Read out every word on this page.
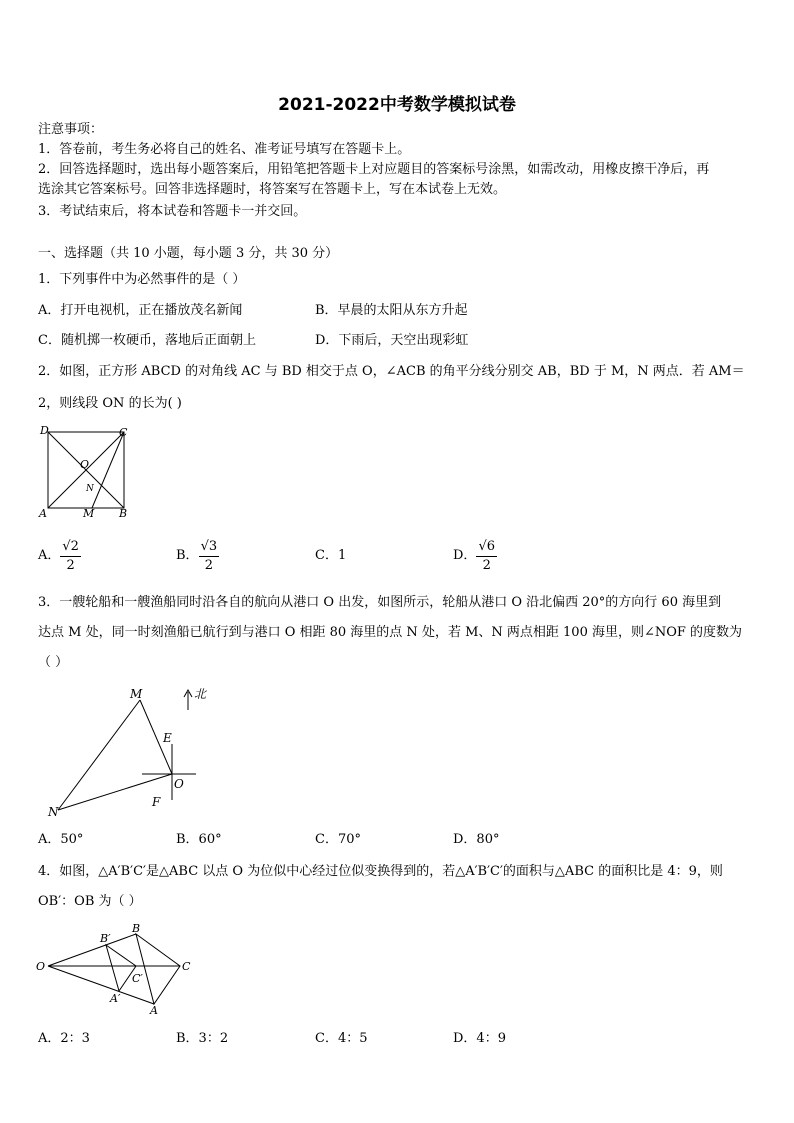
2021-2022中考数学模拟试卷
注意事项：
1．答卷前，考生务必将自己的姓名、准考证号填写在答题卡上。
2．回答选择题时，选出每小题答案后，用铅笔把答题卡上对应题目的答案标号涂黑，如需改动，用橡皮擦干净后，再
选涂其它答案标号。回答非选择题时，将答案写在答题卡上，写在本试卷上无效。
3．考试结束后，将本试卷和答题卡一并交回。
一、选择题（共 10 小题，每小题 3 分，共 30 分）
1．下列事件中为必然事件的是（ ）
A．打开电视机，正在播放茂名新闻	B．早晨的太阳从东方升起
C．随机掷一枚硬币，落地后正面朝上	D．下雨后，天空出现彩虹
2．如图，正方形 ABCD 的对角线 AC 与 BD 相交于点 O，∠ACB 的角平分线分别交 AB，BD 于 M，N 两点．若 AM＝
2，则线段 ON 的长为( )
D	C
O
N
A	M B
A． $\frac{√2}{2}$	B． $\frac{√3}{2}$	C．1	D． $\frac{√6}{2}$
3．一艘轮船和一艘渔船同时沿各自的航向从港口 O 出发，如图所示，轮船从港口 O 沿北偏西 20°的方向行 60 海里到
达点 M 处，同一时刻渔船已航行到与港口 O 相距 80 海里的点 N 处，若 M、N 两点相距 100 海里，则∠NOF 的度数为
（ ）
M
E
O
F
N
北
A．50°	B．60°	C．70°	D．80°
4．如图，△A′B′C′是△ABC 以点 O 为位似中心经过位似变换得到的，若△A′B′C′的面积与△ABC 的面积比是 4：9，则
OB′：OB 为（ ）
O
B′
B
C′
C
A′
A
A．2：3	B．3：2	C．4：5	D．4：9
